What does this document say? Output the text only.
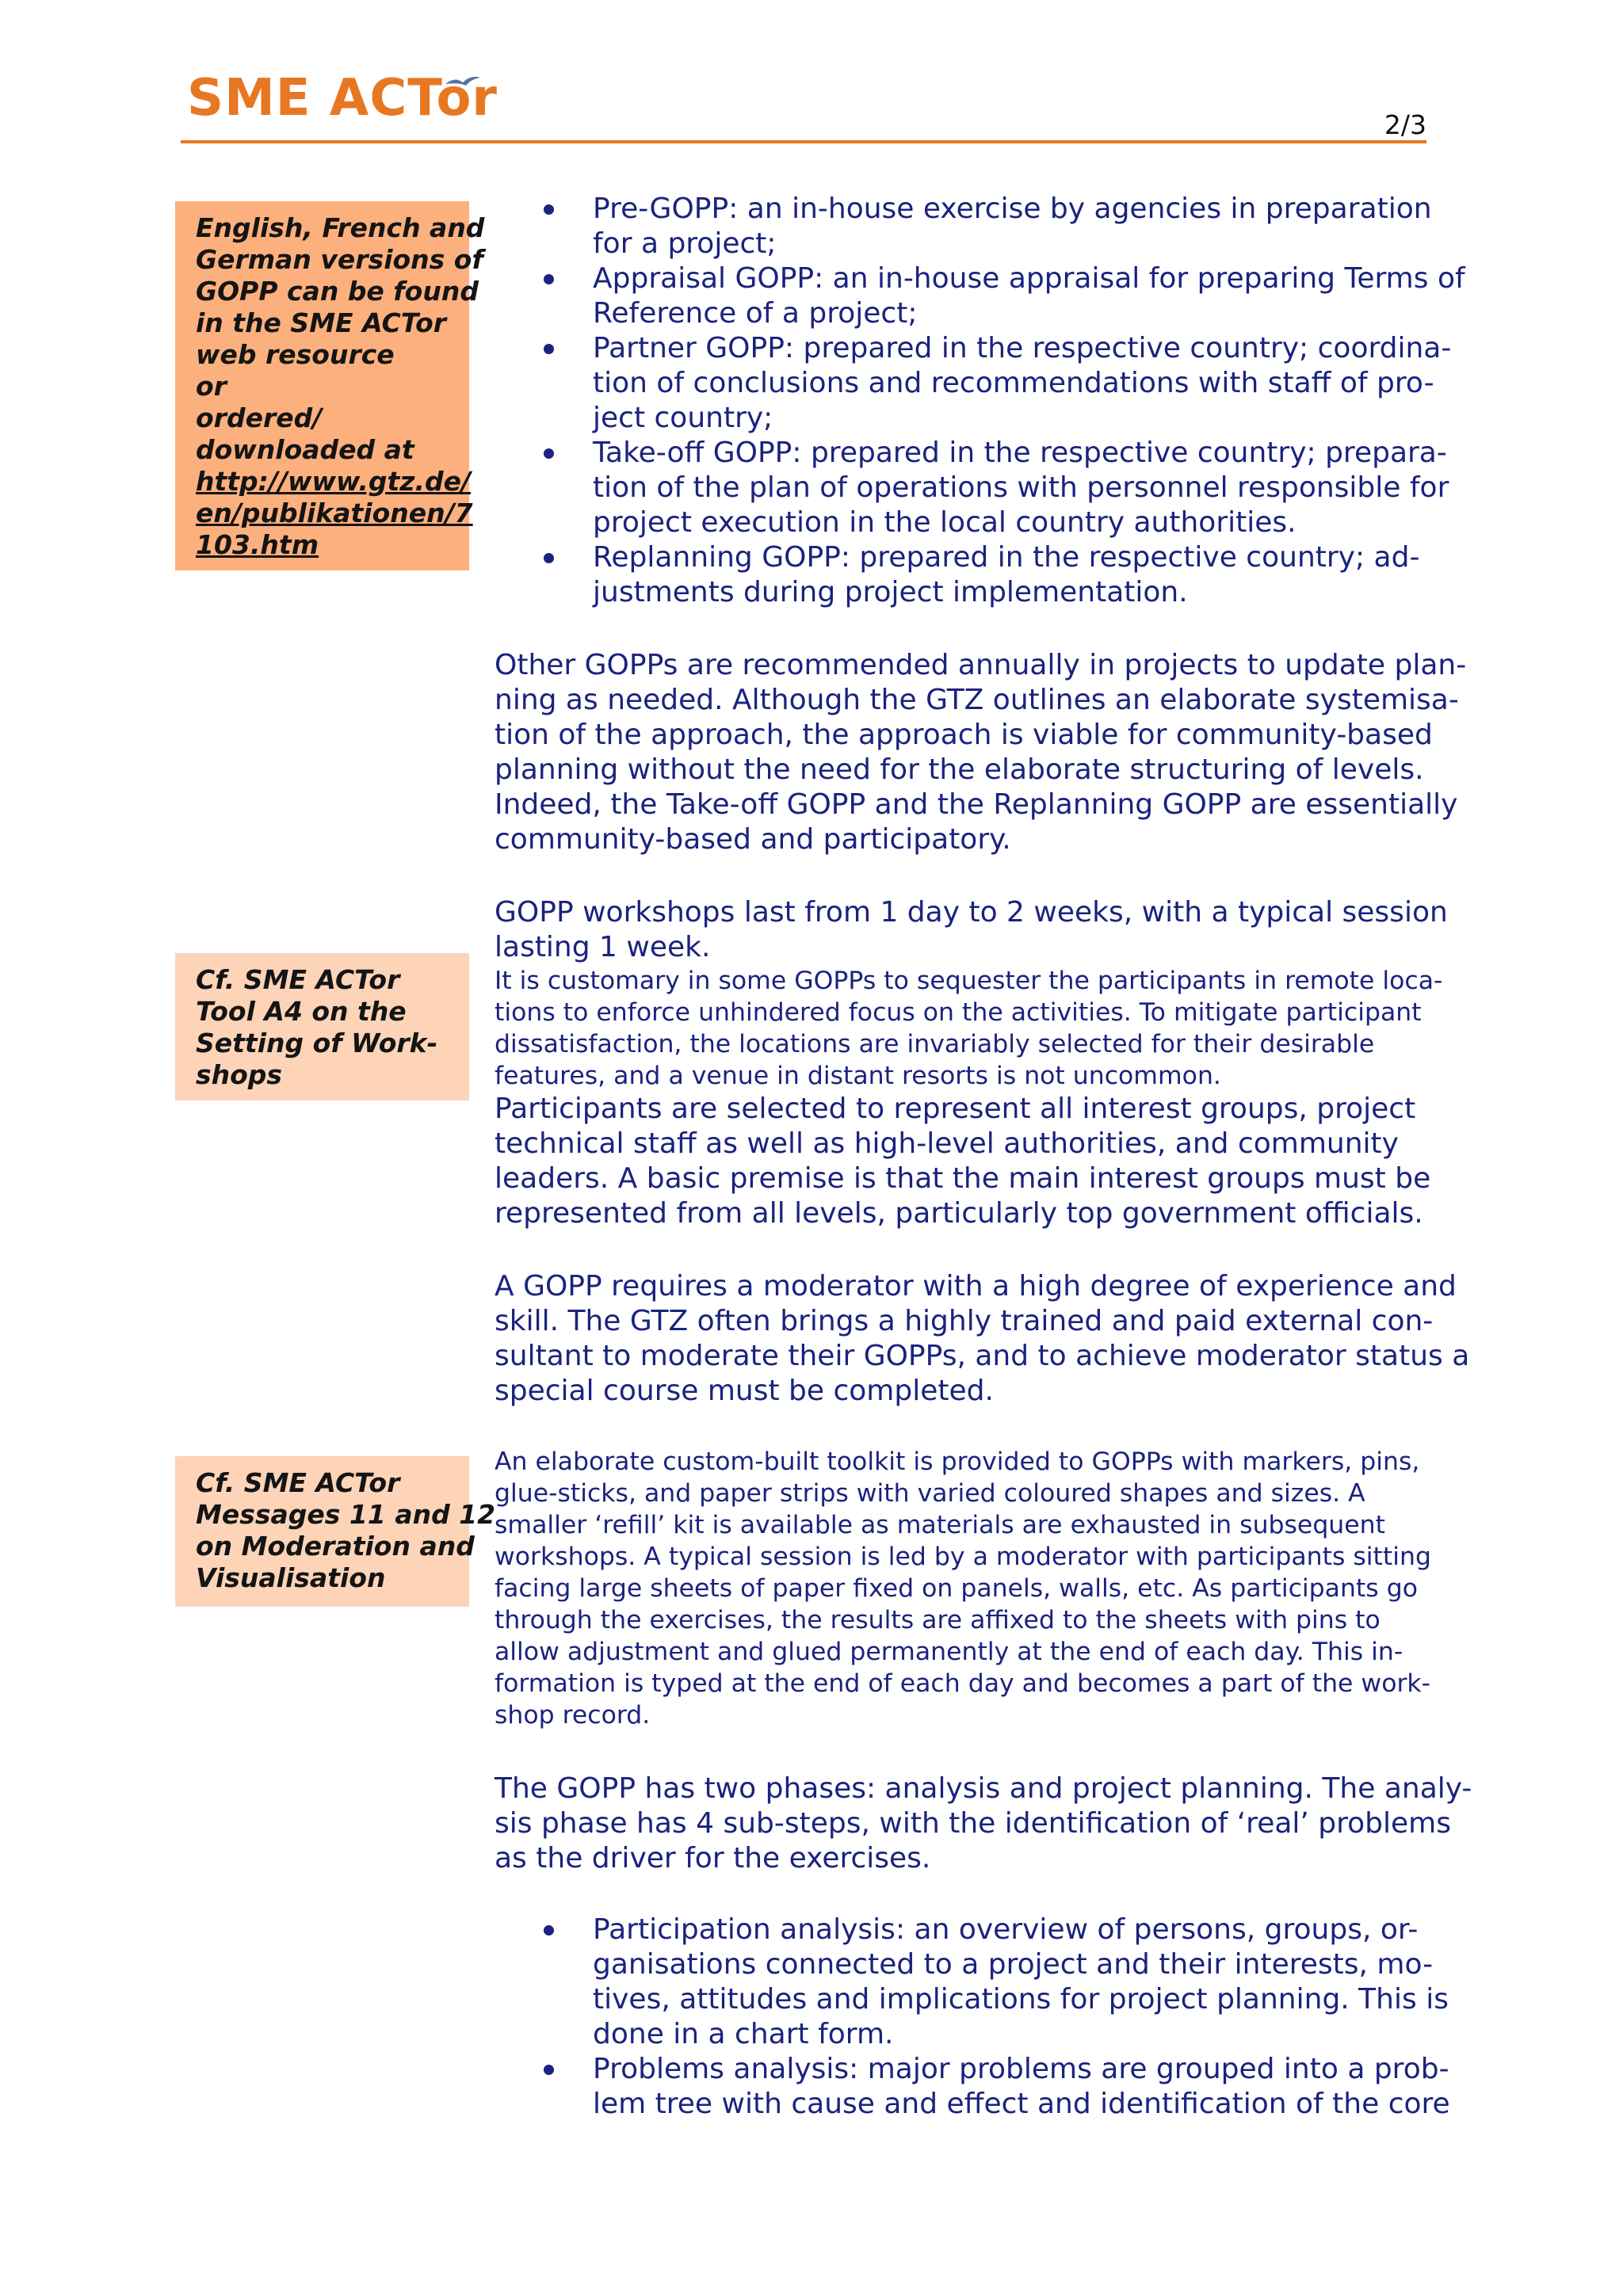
SME ACTor	2/3
English, French and
German versions of
GOPP can be found
in the SME ACTor
web resource
or
ordered/
downloaded at
http://www.gtz.de/
en/publikationen/7
103.htm
Cf. SME ACTor
Tool A4 on the
Setting of Work-
shops
Cf. SME ACTor
Messages 11 and 12
on Moderation and
Visualisation
Pre-GOPP: an in-house exercise by agencies in preparation
for a project;
Appraisal GOPP: an in-house appraisal for preparing Terms of
Reference of a project;
Partner GOPP: prepared in the respective country; coordina-
tion of conclusions and recommendations with staff of pro-
ject country;
Take-off GOPP: prepared in the respective country; prepara-
tion of the plan of operations with personnel responsible for
project execution in the local country authorities.
Replanning GOPP: prepared in the respective country; ad-
justments during project implementation.
Other GOPPs are recommended annually in projects to update plan-
ning as needed. Although the GTZ outlines an elaborate systemisa-
tion of the approach, the approach is viable for community-based
planning without the need for the elaborate structuring of levels.
Indeed, the Take-off GOPP and the Replanning GOPP are essentially
community-based and participatory.
GOPP workshops last from 1 day to 2 weeks, with a typical session
lasting 1 week.
It is customary in some GOPPs to sequester the participants in remote loca-
tions to enforce unhindered focus on the activities. To mitigate participant
dissatisfaction, the locations are invariably selected for their desirable
features, and a venue in distant resorts is not uncommon.
Participants are selected to represent all interest groups, project
technical staff as well as high-level authorities, and community
leaders. A basic premise is that the main interest groups must be
represented from all levels, particularly top government officials.
A GOPP requires a moderator with a high degree of experience and
skill. The GTZ often brings a highly trained and paid external con-
sultant to moderate their GOPPs, and to achieve moderator status a
special course must be completed.
An elaborate custom-built toolkit is provided to GOPPs with markers, pins,
glue-sticks, and paper strips with varied coloured shapes and sizes. A
smaller ‘refill’ kit is available as materials are exhausted in subsequent
workshops. A typical session is led by a moderator with participants sitting
facing large sheets of paper fixed on panels, walls, etc. As participants go
through the exercises, the results are affixed to the sheets with pins to
allow adjustment and glued permanently at the end of each day. This in-
formation is typed at the end of each day and becomes a part of the work-
shop record.
The GOPP has two phases: analysis and project planning. The analy-
sis phase has 4 sub-steps, with the identification of ‘real’ problems
as the driver for the exercises.
Participation analysis: an overview of persons, groups, or-
ganisations connected to a project and their interests, mo-
tives, attitudes and implications for project planning. This is
done in a chart form.
Problems analysis: major problems are grouped into a prob-
lem tree with cause and effect and identification of the core
